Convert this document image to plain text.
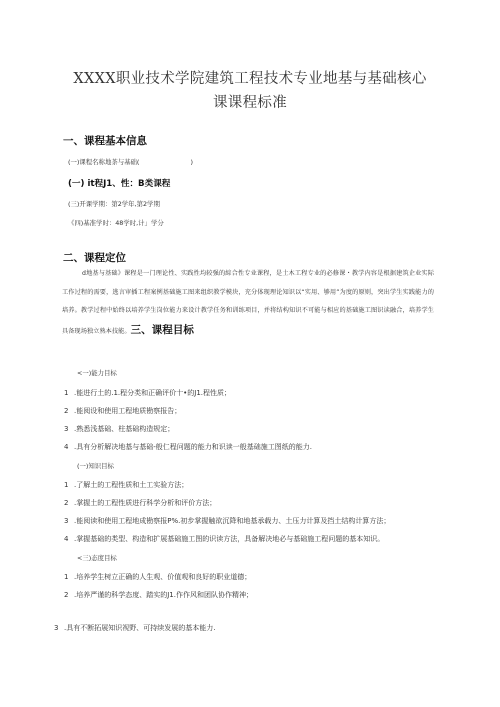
XXXX职业技术学院建筑工程技术专业地基与基础核心
课课程标准
一、课程基本信息
(一)课程名称地茶与基础(　　　　　　　　)
(一) it程J1、性：B类课程
(三)开课学期：第2学年,第2学期
《四)基准学时：48学时,计」学分
二、课程定位
d地基与基础》课程是一门理论性、实践性均较强的綜合性专业课程，是土木工程专业的必修课・教学内容是根据建筑企业实际工作过程的需要，逃言审插工程案例基础施工图来组织教学模块，充分体现理论知识以“实用、够用”为度的原则，突出学生实践能力的培养。教学过程中始终以培养学生岗位能力来设计教学任务和训练项目，并将结构知识不可能与相应的基础施工图识读融合，培养学生具备现场独立熟本技能。三、课程目标
<一)能力目标
1 .能进行土的.1.程分类和正确评价十•的J1.程性质；
2 .能阅设和使用工程地质勘察报告；
3 .熟悉浅基础、柱基础构造规定；
4 .具有分析解决地基与基础-般仁程问题的能力和识读一般基础施工图纸的能力.
(一)知识目标
1 .了解土的工程性质和土工实验方法；
2 .掌握土的工程性质进行科学分析和评价方法；
3 .能阅读和使用工程地成勘察报P%.初步掌握触欲沉降和地基承载力、土压力计算及挡土结构计算方法；
4 .掌握基础的类型、构造和扩展基础施工图的识读方法，具备解决地必与基础施工程问题的基本知识。
<三)态度目标
1 .培养学生树立正确的人生观、价值观和良好的职业道德；
2 .培养严谨的科学态度、踏实的J1.作作风和团队协作精神；
3 .具有不断拓展知识视野、可持续发展的基本能力.
